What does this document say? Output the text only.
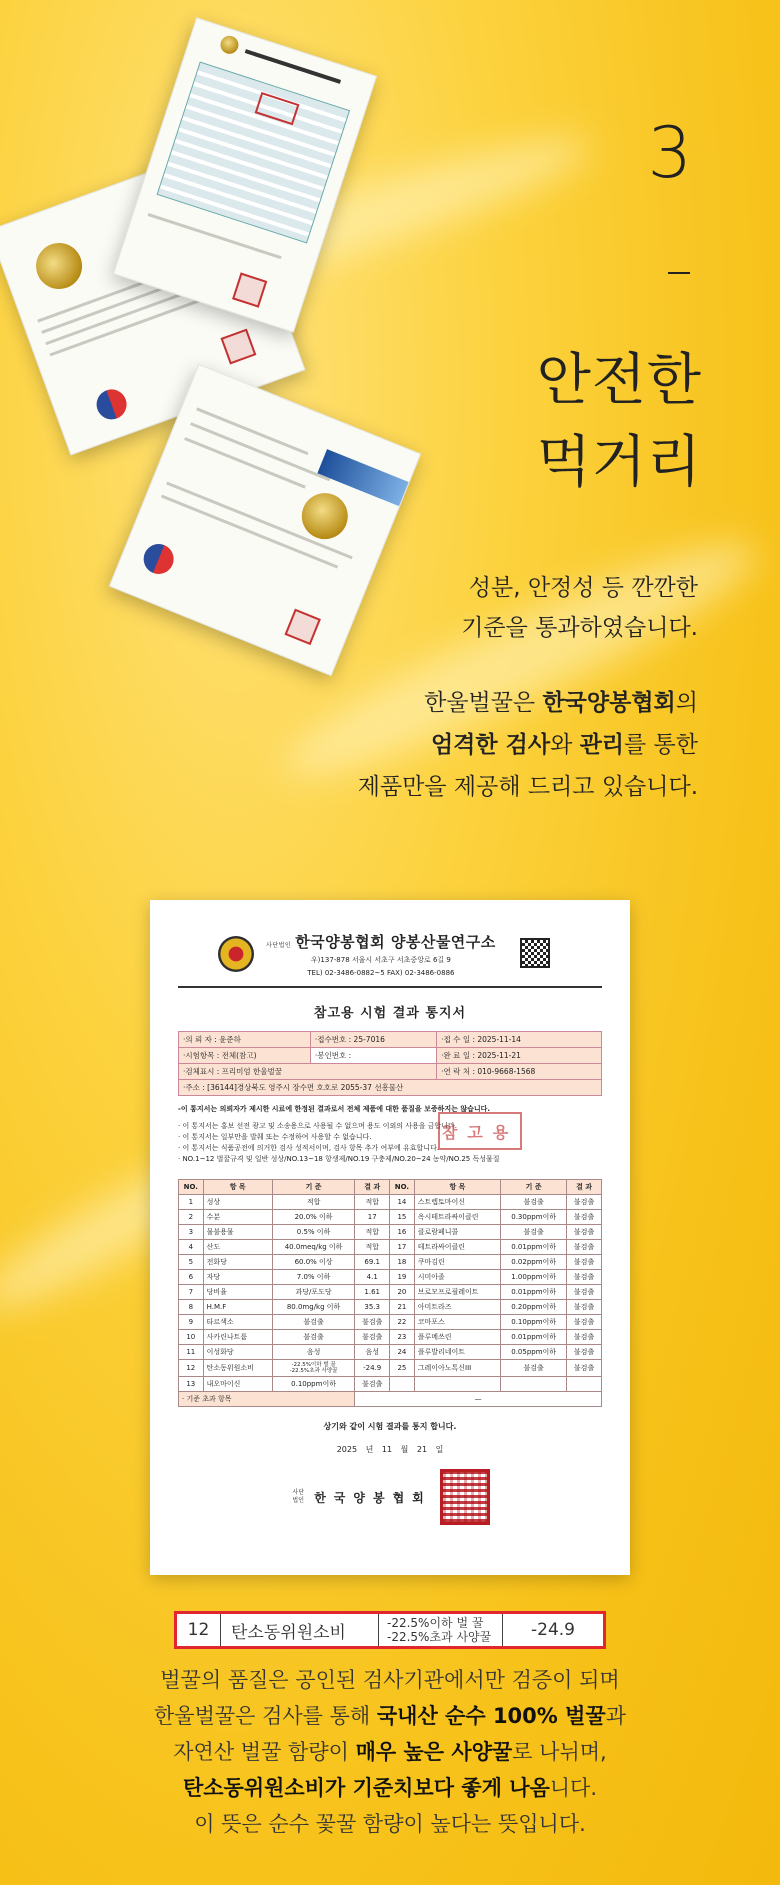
3
안전한
먹거리
성분, 안정성 등 깐깐한
기준을 통과하였습니다.
한울벌꿀은 한국양봉협회의
엄격한 검사와 관리를 통한
제품만을 제공해 드리고 있습니다.
사단법인 한국양봉협회 양봉산물연구소
우)137-878 서울시 서초구 서초중앙로 6길 9
TEL) 02-3486-0882~5 FAX) 02-3486-0886
참고용 시험 결과 통지서
·의 뢰 자 : 윤준하	·접수번호 : 25-7016	·접 수 일 : 2025-11-14
·시험항목 : 전체(참고)	·봉인번호 :	·완 료 일 : 2025-11-21
·검체표시 : 프리미엄 한울벌꿀		·연 락 처 : 010-9668-1568
·주소 : [36144]경상북도 영주시 장수면 호호로 2055-37 선흥물산		
-이 통지서는 의뢰자가 제시한 시료에 한정된 결과로서 전체 제품에 대한 품질을 보증하지는 않습니다.
· 이 통지서는 홍보 선전 광고 및 소송용으로 사용될 수 없으며 용도 이외의 사용을 금합니다.
· 이 통지서는 일부만을 발췌 또는 수정하여 사용할 수 없습니다.
· 이 통지서는 식품공전에 의거한 검사 성적서이며, 검사 항목 추가 여부에 유효합니다.
· NO.1~12 벌꿀규격 및 일반 성상/NO.13~18 항생제/NO.19 구충제/NO.20~24 농약/NO.25 독성물질
참고용
NO.	항 목	기 준	결 과	NO.	항 목	기 준	결 과
1	성상	적합	적합	14	스트렙토마이신	불검출	불검출
2	수분	20.0% 이하	17	15	옥시테트라싸이클린	0.30ppm이하	불검출
3	물불용물	0.5% 이하	적합	16	클로람페니콜	불검출	불검출
4	산도	40.0meq/kg 이하	적합	17	테트라싸이클린	0.01ppm이하	불검출
5	전화당	60.0% 이상	69.1	18	쿠마김린	0.02ppm이하	불검출
6	자당	7.0% 이하	4.1	19	시미아졸	1.00ppm이하	불검출
7	당비율	과당/포도당	1.61	20	브로모프로필레이트	0.01ppm이하	불검출
8	H.M.F	80.0mg/kg 이하	35.3	21	아미트라즈	0.20ppm이하	불검출
9	타르색소	불검출	불검출	22	코마포스	0.10ppm이하	불검출
10	사카린나트륨	불검출	불검출	23	플루메쓰린	0.01ppm이하	불검출
11	이성화당	음성	음성	24	플루발리네이트	0.05ppm이하	불검출
12	탄소동위원소비	-22.5%이하 벌 꿀
-22.5%초과 사양꿀	-24.9	25	그레이아노톡신III	불검출	불검출
13	내오마이신	0.10ppm이하	불검출				
· 기준 초과 항목			—				
상기와 같이 시험 결과를 통지 합니다.
2025 년 11 월 21 일
사단법인 한국양봉협회
12	탄소동위원소비	-22.5%이하 벌 꿀
-22.5%초과 사양꿀	-24.9
벌꿀의 품질은 공인된 검사기관에서만 검증이 되며
한울벌꿀은 검사를 통해 국내산 순수 100% 벌꿀과
자연산 벌꿀 함량이 매우 높은 사양꿀로 나뉘며,
탄소동위원소비가 기준치보다 좋게 나옴니다.
이 뜻은 순수 꽃꿀 함량이 높다는 뜻입니다.
